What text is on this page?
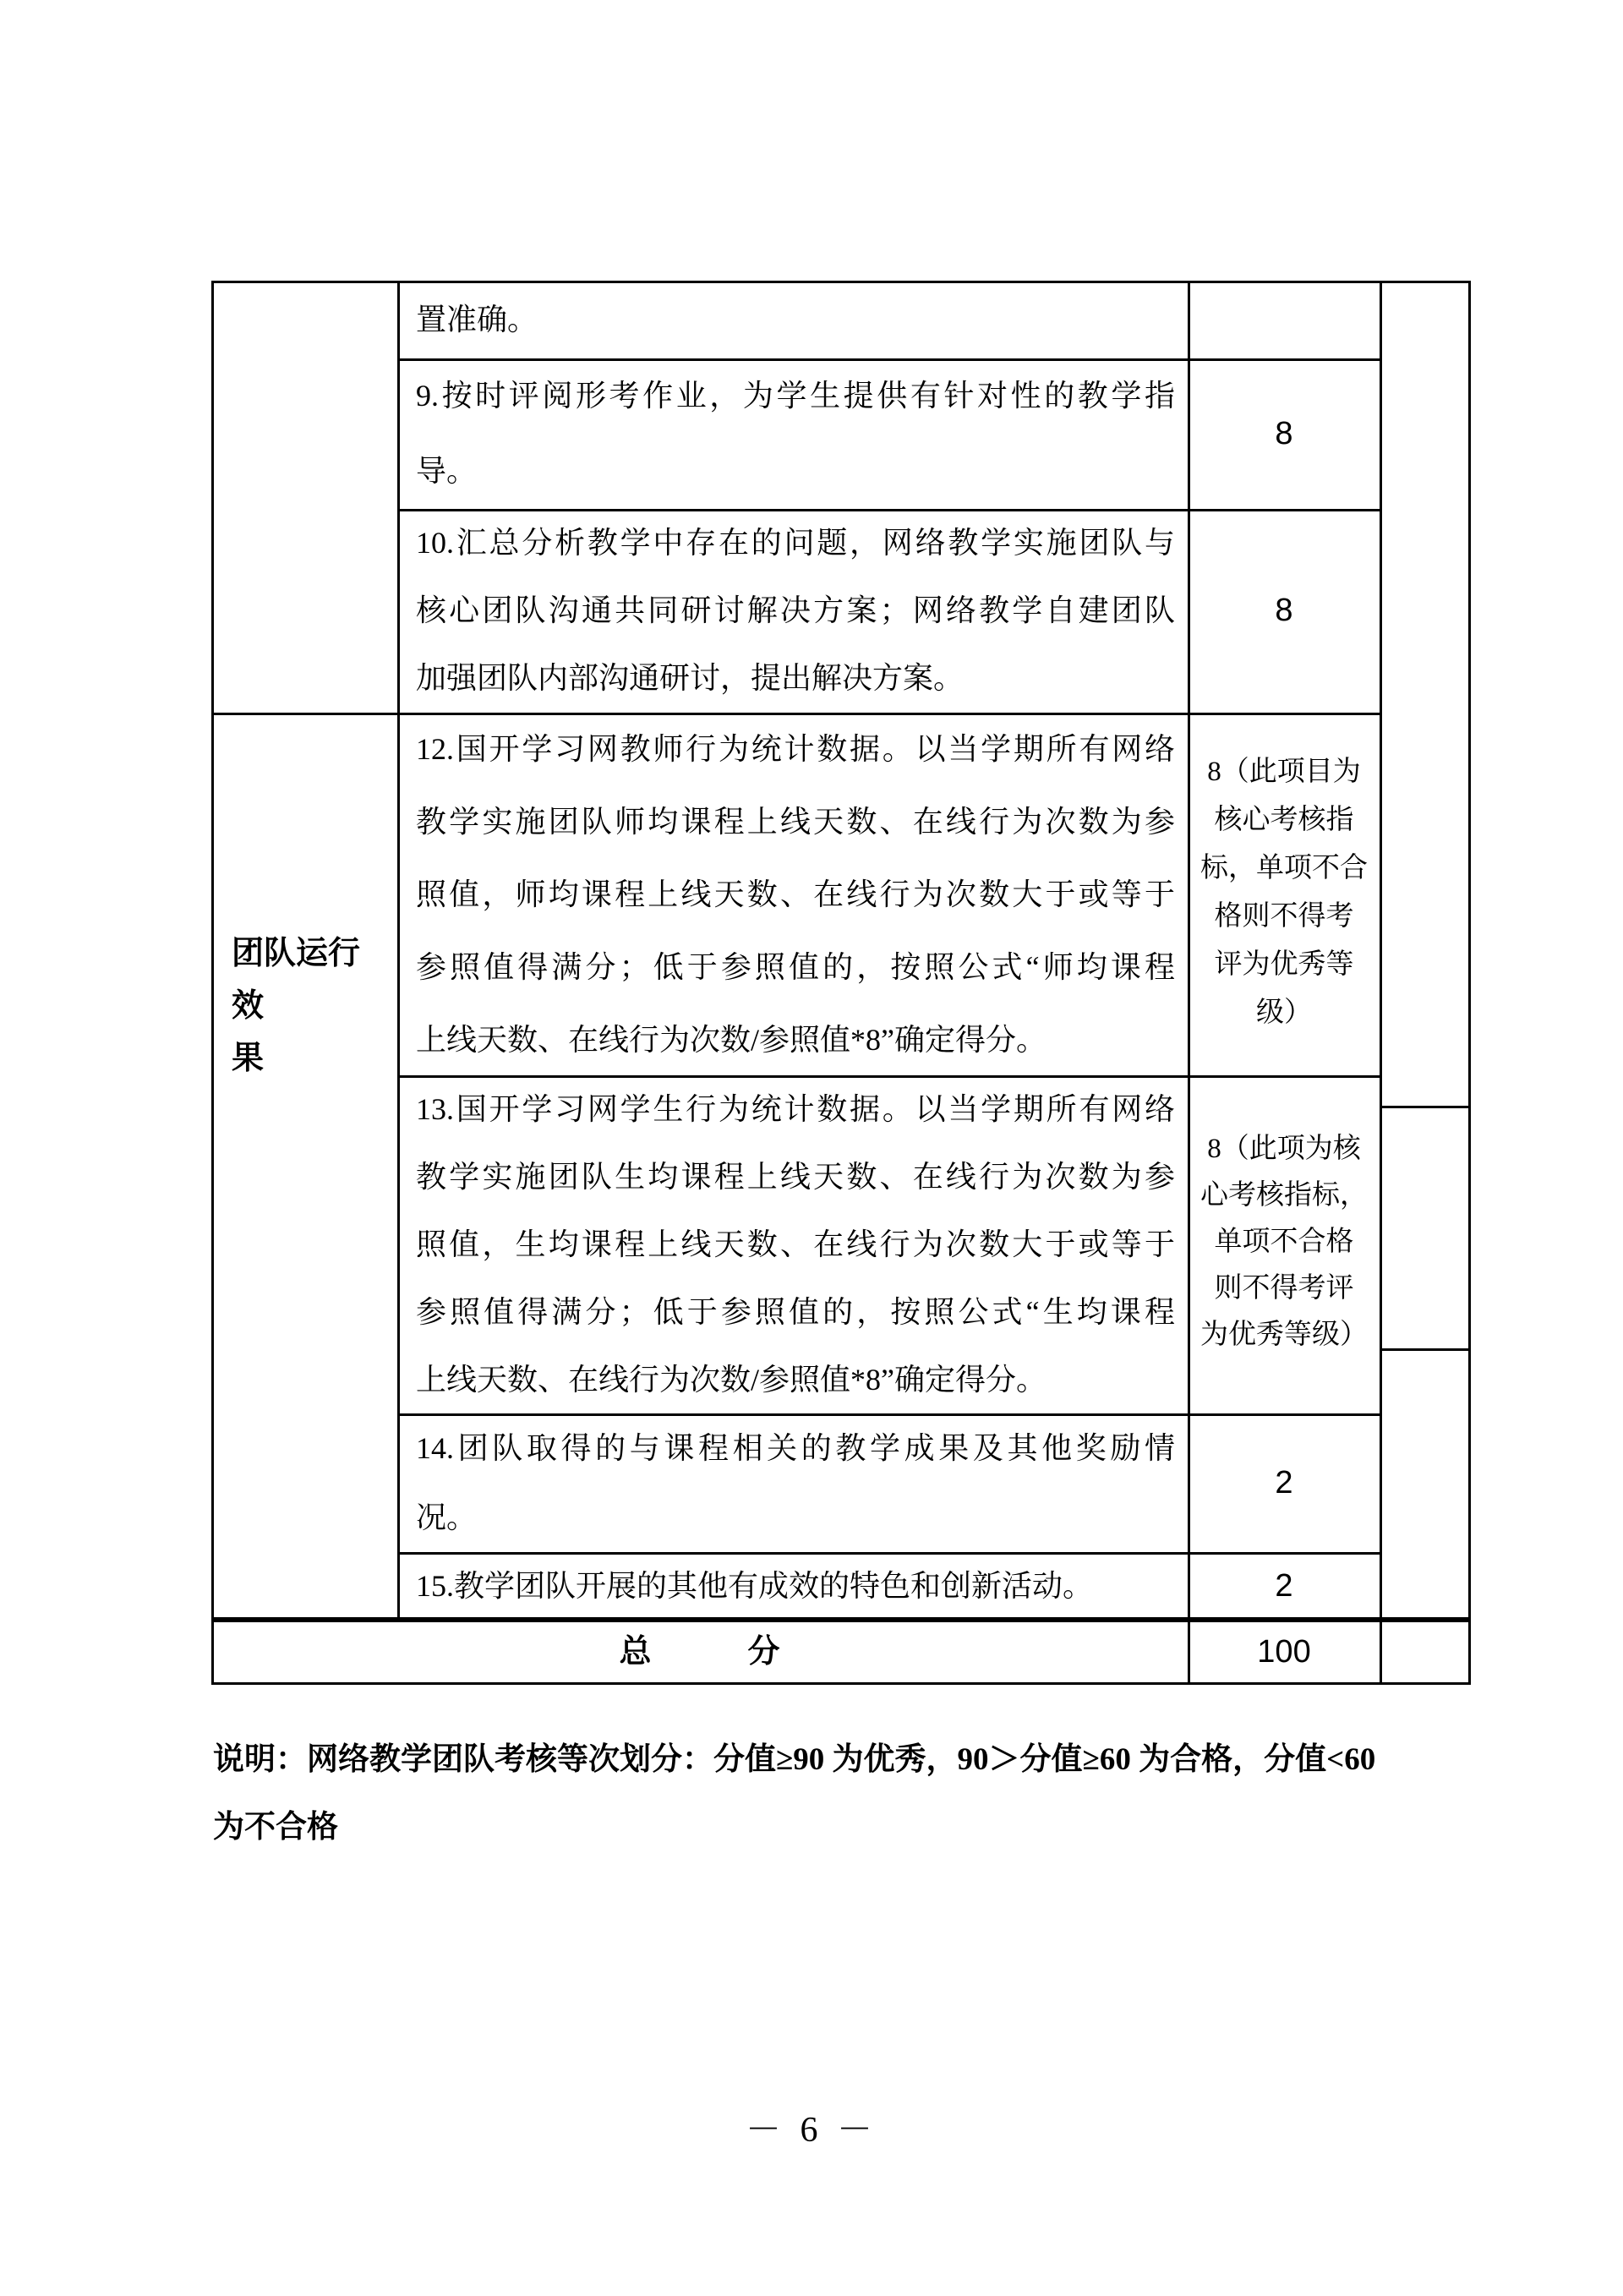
团队运行效
果
置准确。
9.按时评阅形考作业，为学生提供有针对性的教学指
导。
8
10.汇总分析教学中存在的问题，网络教学实施团队与
核心团队沟通共同研讨解决方案；网络教学自建团队
加强团队内部沟通研讨，提出解决方案。
8
12.国开学习网教师行为统计数据。以当学期所有网络
教学实施团队师均课程上线天数、在线行为次数为参
照值，师均课程上线天数、在线行为次数大于或等于
参照值得满分；低于参照值的，按照公式“师均课程
上线天数、在线行为次数/参照值*8”确定得分。
8（此项目为
核心考核指
标，单项不合
格则不得考
评为优秀等
级）
13.国开学习网学生行为统计数据。以当学期所有网络
教学实施团队生均课程上线天数、在线行为次数为参
照值，生均课程上线天数、在线行为次数大于或等于
参照值得满分；低于参照值的，按照公式“生均课程
上线天数、在线行为次数/参照值*8”确定得分。
8（此项为核
心考核指标，
单项不合格
则不得考评
为优秀等级）
14.团队取得的与课程相关的教学成果及其他奖励情
况。
2
15.教学团队开展的其他有成效的特色和创新活动。	2
总　　　分	100
说明：网络教学团队考核等次划分：分值≥90 为优秀，90＞分值≥60 为合格，分值<60
为不合格
－ 6 －
